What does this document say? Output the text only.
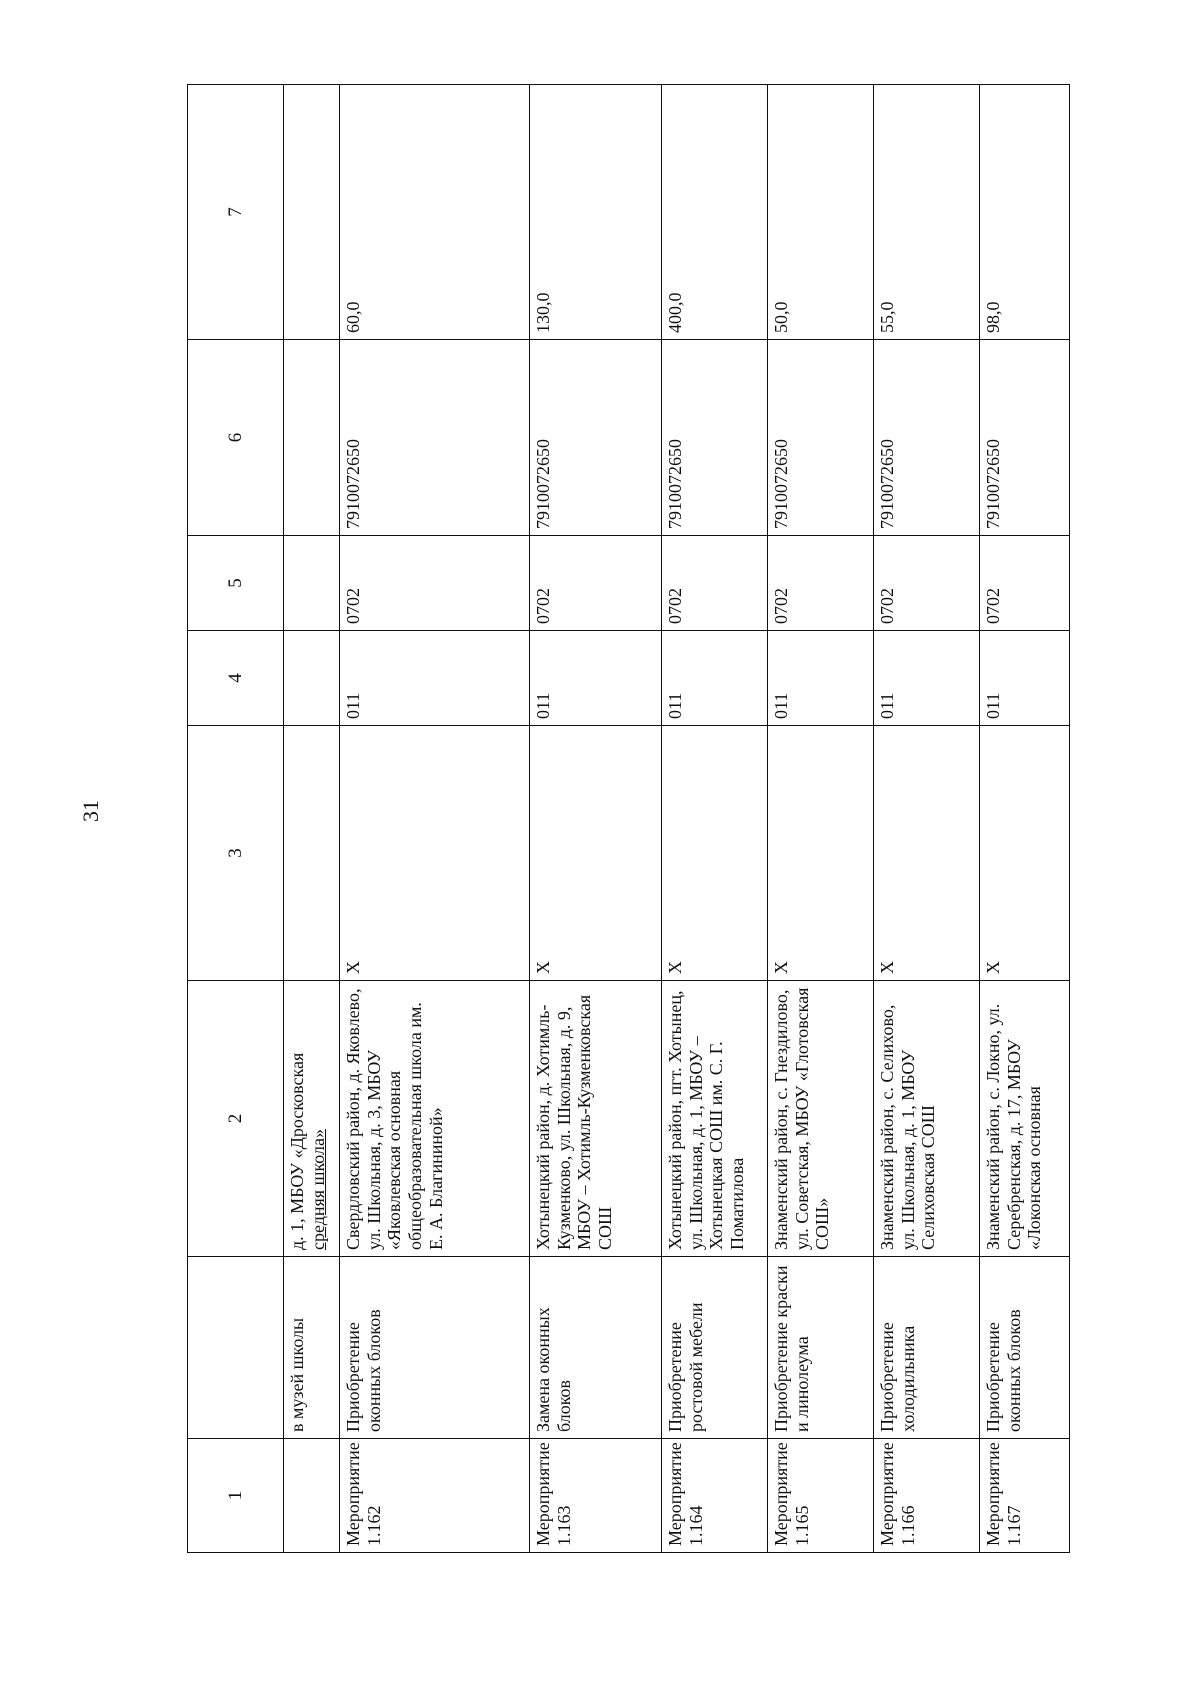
31
1		2	3	4	5	6	7
	в музей школы	д. 1, МБОУ «Дросковская средняя школа»					

Мероприятие 1.162	Приобретение оконных блоков	Свердловский район, д. Яковлево, ул. Школьная, д. 3, МБОУ «Яковлевская основная общеобразовательная школа им. Е. А. Благининой»	X	011	0702	7910072650	60,0
Мероприятие 1.163	Замена оконных блоков	Хотынецкий район, д. Хотимль-Кузменково, ул. Школьная, д. 9, МБОУ – Хотимль-Кузменковская СОШ	X	011	0702	7910072650	130,0
Мероприятие 1.164	Приобретение ростовой мебели	Хотынецкий район, пгт. Хотынец, ул. Школьная, д. 1, МБОУ – Хотынецкая СОШ им. С. Г. Поматилова	X	011	0702	7910072650	400,0
Мероприятие 1.165	Приобретение краски и линолеума	Знаменский район, с. Гнездилово, ул. Советская, МБОУ «Глотовская СОШ»	X	011	0702	7910072650	50,0
Мероприятие 1.166	Приобретение холодильника	Знаменский район, с. Селихово, ул. Школьная, д. 1, МБОУ Селиховская СОШ	X	011	0702	7910072650	55,0
Мероприятие 1.167	Приобретение оконных блоков	Знаменский район, с. Локно, ул. Серебренская, д. 17, МБОУ «Локонская основная	X	011	0702	7910072650	98,0
